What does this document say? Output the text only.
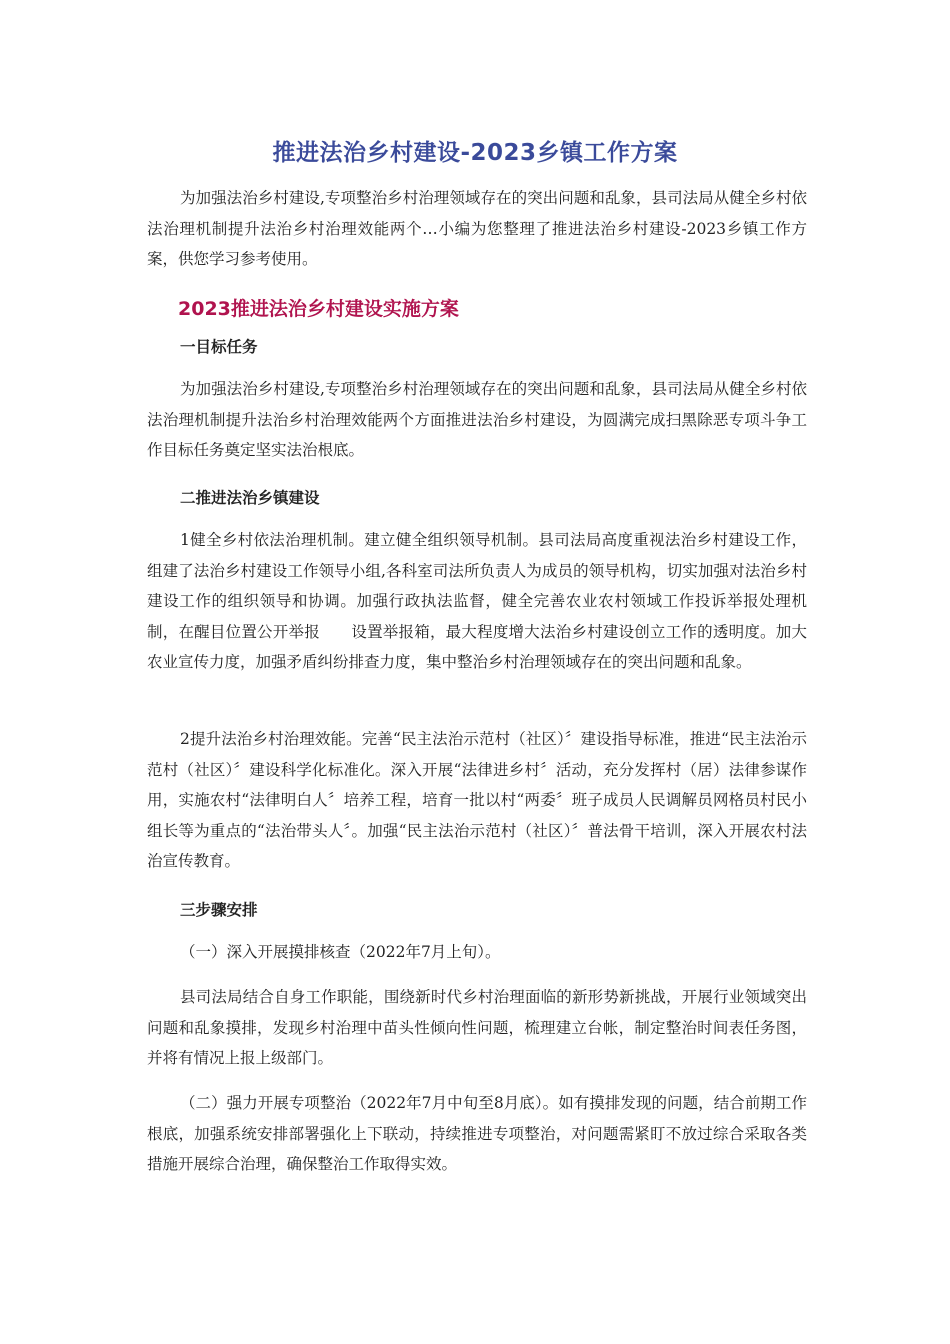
推进法治乡村建设-2023乡镇工作方案

为加强法治乡村建设,专项整治乡村治理领域存在的突出问题和乱象，县司法局从健全乡村依法治理机制提升法治乡村治理效能两个…小编为您整理了推进法治乡村建设-2023乡镇工作方案，供您学习参考使用。

2023推进法治乡村建设实施方案
一目标任务

为加强法治乡村建设,专项整治乡村治理领域存在的突出问题和乱象，县司法局从健全乡村依法治理机制提升法治乡村治理效能两个方面推进法治乡村建设，为圆满完成扫黑除恶专项斗争工作目标任务奠定坚实法治根底。

二推进法治乡镇建设

1健全乡村依法治理机制。建立健全组织领导机制。县司法局高度重视法治乡村建设工作，组建了法治乡村建设工作领导小组,各科室司法所负责人为成员的领导机构，切实加强对法治乡村建设工作的组织领导和协调。加强行政执法监督，健全完善农业农村领域工作投诉举报处理机制，在醒目位置公开举报　　设置举报箱，最大程度增大法治乡村建设创立工作的透明度。加大农业宣传力度，加强矛盾纠纷排查力度，集中整治乡村治理领域存在的突出问题和乱象。

2提升法治乡村治理效能。完善“民主法治示范村（社区）〞建设指导标准，推进“民主法治示范村（社区）〞建设科学化标准化。深入开展“法律进乡村〞活动，充分发挥村（居）法律参谋作用，实施农村“法律明白人〞培养工程，培育一批以村“两委〞班子成员人民调解员网格员村民小组长等为重点的“法治带头人〞。加强“民主法治示范村（社区）〞普法骨干培训，深入开展农村法治宣传教育。

三步骤安排

（一）深入开展摸排核查（2022年7月上旬）。

县司法局结合自身工作职能，围绕新时代乡村治理面临的新形势新挑战，开展行业领域突出问题和乱象摸排，发现乡村治理中苗头性倾向性问题，梳理建立台帐，制定整治时间表任务图，并将有情况上报上级部门。

（二）强力开展专项整治（2022年7月中旬至8月底）。如有摸排发现的问题，结合前期工作根底，加强系统安排部署强化上下联动，持续推进专项整治，对问题需紧盯不放过综合采取各类措施开展综合治理，确保整治工作取得实效。
